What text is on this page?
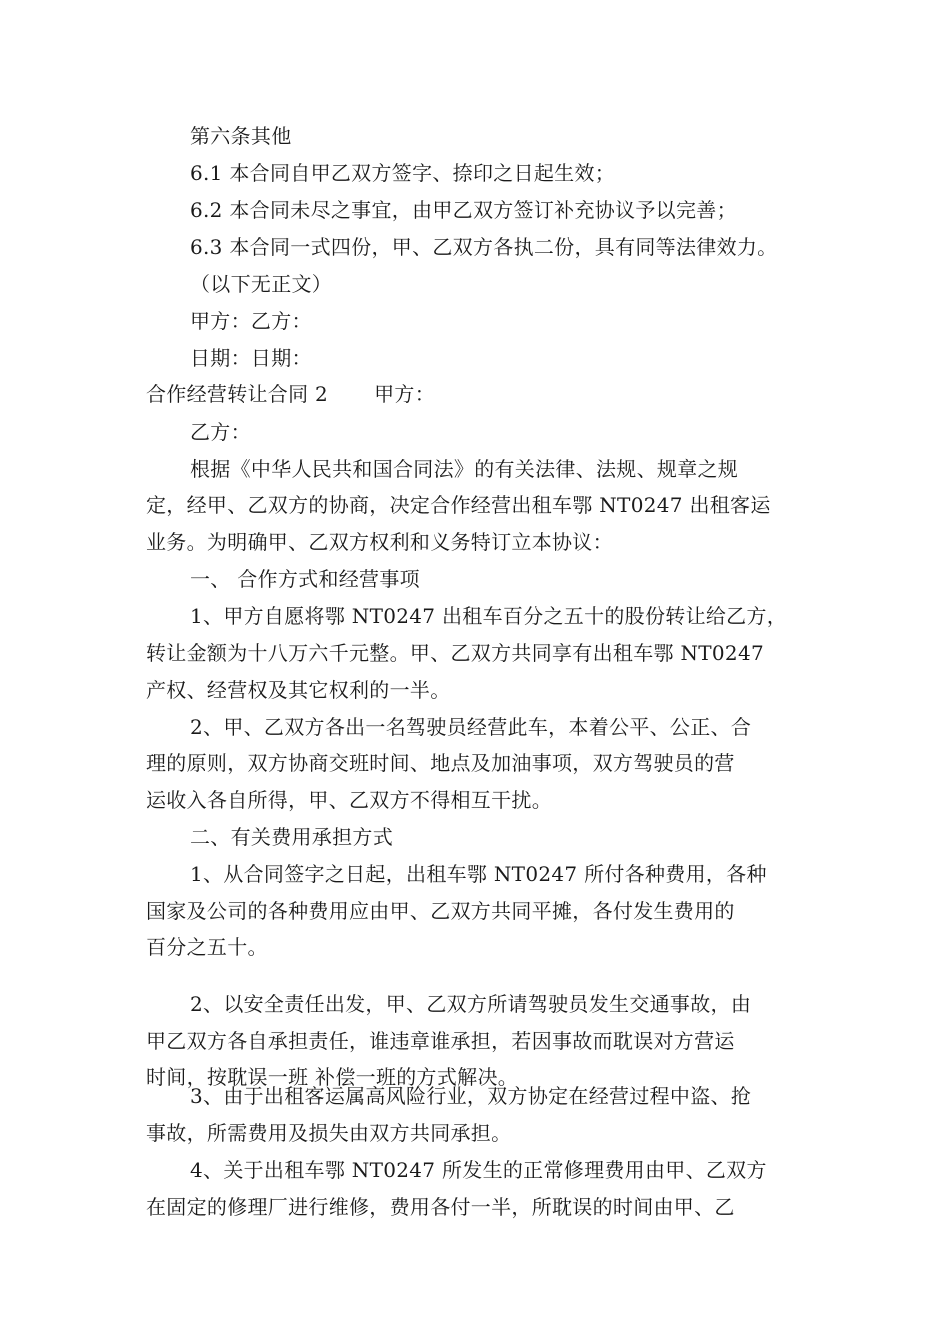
第六条其他
6.1 本合同自甲乙双方签字、捺印之日起生效；
6.2 本合同未尽之事宜，由甲乙双方签订补充协议予以完善；
6.3 本合同一式四份，甲、乙双方各执二份，具有同等法律效力。
（以下无正文）
甲方：乙方：
日期：日期：
合作经营转让合同 2 甲方：
乙方：
根据《中华人民共和国合同法》的有关法律、法规、规章之规
定，经甲、乙双方的协商，决定合作经营出租车鄂 NT0247 出租客运
业务。为明确甲、乙双方权利和义务特订立本协议：
一、 合作方式和经营事项
1、甲方自愿将鄂 NT0247 出租车百分之五十的股份转让给乙方，
转让金额为十八万六千元整。甲、乙双方共同享有出租车鄂 NT0247
产权、经营权及其它权利的一半。
2、甲、乙双方各出一名驾驶员经营此车，本着公平、公正、合
理的原则，双方协商交班时间、地点及加油事项，双方驾驶员的营
运收入各自所得，甲、乙双方不得相互干扰。
二、有关费用承担方式
1、从合同签字之日起，出租车鄂 NT0247 所付各种费用，各种
国家及公司的各种费用应由甲、乙双方共同平摊，各付发生费用的
百分之五十。
2、以安全责任出发，甲、乙双方所请驾驶员发生交通事故，由
甲乙双方各自承担责任，谁违章谁承担，若因事故而耽误对方营运
时间，按耽误一班 补偿一班的方式解决。
3、由于出租客运属高风险行业，双方协定在经营过程中盗、抢
事故，所需费用及损失由双方共同承担。
4、关于出租车鄂 NT0247 所发生的正常修理费用由甲、乙双方
在固定的修理厂进行维修，费用各付一半，所耽误的时间由甲、乙
